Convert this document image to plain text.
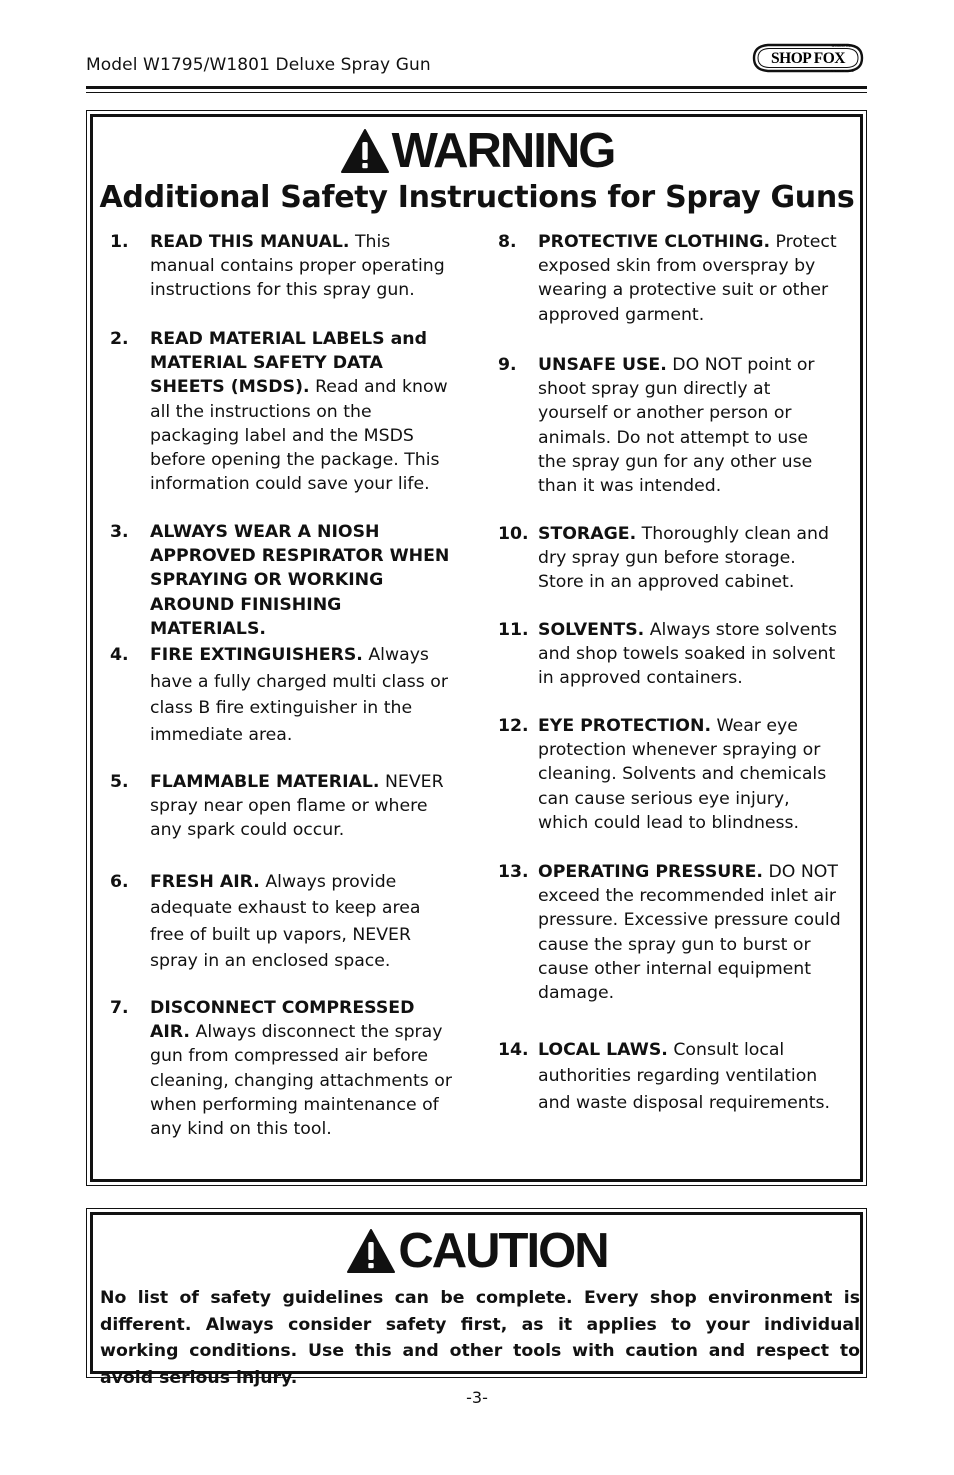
Model W1795/W1801 Deluxe Spray Gun	SHOP FOX
WOODSTOCK
INTERNATIONAL
WARNING
Additional Safety Instructions for Spray Guns
1. READ THIS MANUAL. This manual contains proper operating instructions for this spray gun.
2. READ MATERIAL LABELS and MATERIAL SAFETY DATA SHEETS (MSDS). Read and know all the instructions on the packaging label and the MSDS before opening the package. This information could save your life.
3. ALWAYS WEAR A NIOSH APPROVED RESPIRATOR WHEN SPRAYING OR WORKING AROUND FINISHING MATERIALS.
4. FIRE EXTINGUISHERS. Always have a fully charged multi class or class B fire extinguisher in the immediate area.
5. FLAMMABLE MATERIAL. NEVER spray near open flame or where any spark could occur.
6. FRESH AIR. Always provide adequate exhaust to keep area free of built up vapors, NEVER spray in an enclosed space.
7. DISCONNECT COMPRESSED AIR. Always disconnect the spray gun from compressed air before cleaning, changing attachments or when performing maintenance of any kind on this tool.
8. PROTECTIVE CLOTHING. Protect exposed skin from overspray by wearing a protective suit or other approved garment.
9. UNSAFE USE. DO NOT point or shoot spray gun directly at yourself or another person or animals. Do not attempt to use the spray gun for any other use than it was intended.
10. STORAGE. Thoroughly clean and dry spray gun before storage. Store in an approved cabinet.
11. SOLVENTS. Always store solvents and shop towels soaked in solvent in approved containers.
12. EYE PROTECTION. Wear eye protection whenever spraying or cleaning. Solvents and chemicals can cause serious eye injury, which could lead to blindness.
13. OPERATING PRESSURE. DO NOT exceed the recommended inlet air pressure. Excessive pressure could cause the spray gun to burst or cause other internal equipment damage.
14. LOCAL LAWS. Consult local authorities regarding ventilation and waste disposal requirements.
CAUTION
No list of safety guidelines can be complete. Every shop environment is different. Always consider safety first, as it applies to your individual working conditions. Use this and other tools with caution and respect to avoid serious injury.
-3-
